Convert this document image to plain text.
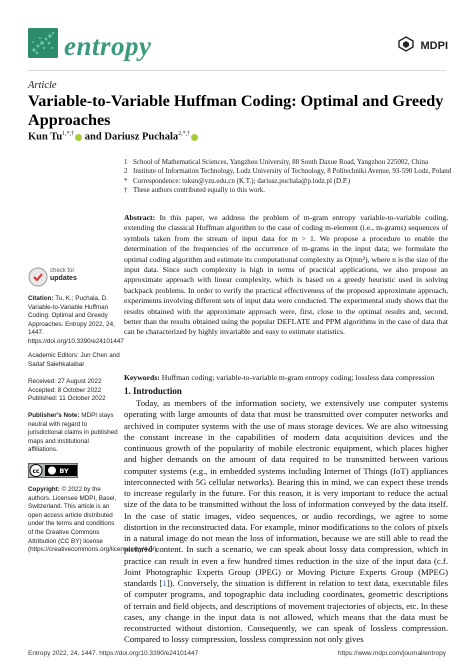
entropy	MDPI
Article
Variable-to-Variable Huffman Coding: Optimal and Greedy Approaches
Kun $Tu^{1,*,\dagger}$ and Dariusz Puchala$^{2,*,\dagger}$
1 School of Mathematical Sciences, Yangzhou University, 88 South Daxue Road, Yangzhou 225002, China
2 Institute of Information Technology, Lodz University of Technology, 8 Politechniki Avenue, 93-590 Lodz, Poland
* Correspondence: tukun@yzu.edu.cn (K.T.); dariusz.puchala@p.lodz.pl (D.P.)
† These authors contributed equally to this work.
Abstract: In this paper, we address the problem of m-gram entropy variable-to-variable coding, extending the classical Huffman algorithm to the case of coding m-element (i.e., m-grams) sequences of symbols taken from the stream of input data for m > 1. We propose a procedure to enable the determination of the frequencies of the occurrence of m-grams in the input data; we formulate the optimal coding algorithm and estimate its computational complexity as O(mn²), where n is the size of the input data. Since such complexity is high in terms of practical applications, we also propose an approximate approach with linear complexity, which is based on a greedy heuristic used in solving backpack problems. In order to verify the practical effectiveness of the proposed approximate approach, experiments involving different sets of input data were conducted. The experimental study shows that the results obtained with the approximate approach were, first, close to the optimal results and, second, better than the results obtained using the popular DEFLATE and PPM algorithms in the case of data that can be characterized by highly invariable and easy to estimate statistics.
Keywords: Huffman coding; variable-to-variable m-gram entropy coding; lossless data compression
check for
updates
Citation: Tu, K.; Puchala, D. Variable-to-Variable Huffman Coding: Optimal and Greedy Approaches. Entropy 2022, 24, 1447. https://doi.org/10.3390/e24101447
Academic Editors: Jun Chen and Sadaf Salehkalaibar
Received: 27 August 2022
Accepted: 8 October 2022
Published: 11 October 2022
Publisher's Note: MDPI stays neutral with regard to jurisdictional claims in published maps and institutional affiliations.
cc	BY
Copyright: © 2022 by the authors. Licensee MDPI, Basel, Switzerland. This article is an open access article distributed under the terms and conditions of the Creative Commons Attribution (CC BY) license (https://creativecommons.org/licenses/by/4.0/).
1. Introduction

Today, as members of the information society, we extensively use computer systems operating with large amounts of data that must be transmitted over computer networks and archived in computer systems with the use of mass storage devices. We are also witnessing the constant increase in the capabilities of modern data acquisition devices and the continuous growth of the popularity of mobile electronic equipment, which places higher and higher demands on the amount of data required to be transmitted between various computer systems (e.g., in embedded systems including Internet of Things (IoT) appliances interconnected with 5G cellular networks). Bearing this in mind, we can expect these trends to increase regularly in the future. For this reason, it is very important to reduce the actual size of the data to be transmitted without the loss of information conveyed by the data itself. In the case of static images, video sequences, or audio recordings, we agree to some distortion in the reconstructed data. For example, minor modifications to the colors of pixels in a natural image do not mean the loss of information, because we are still able to read the pictured content. In such a scenario, we can speak about lossy data compression, which in practice can result in even a few hundred times reduction in the size of the input data (c.f. Joint Photographic Experts Group (JPEG) or Moving Picture Experts Group (MPEG) standards [1]). Conversely, the situation is different in relation to text data, executable files of computer programs, and topographic data including coordinates, geometric descriptions of terrain and field objects, and descriptions of movement trajectories of objects, etc. In these cases, any change in the input data is not allowed, which means that the data must be reconstructed without distortion. Consequently, we can speak of lossless compression. Compared to lossy compression, lossless compression not only gives

Entropy 2022, 24, 1447. https://doi.org/10.3390/e24101447	https://www.mdpi.com/journal/entropy
